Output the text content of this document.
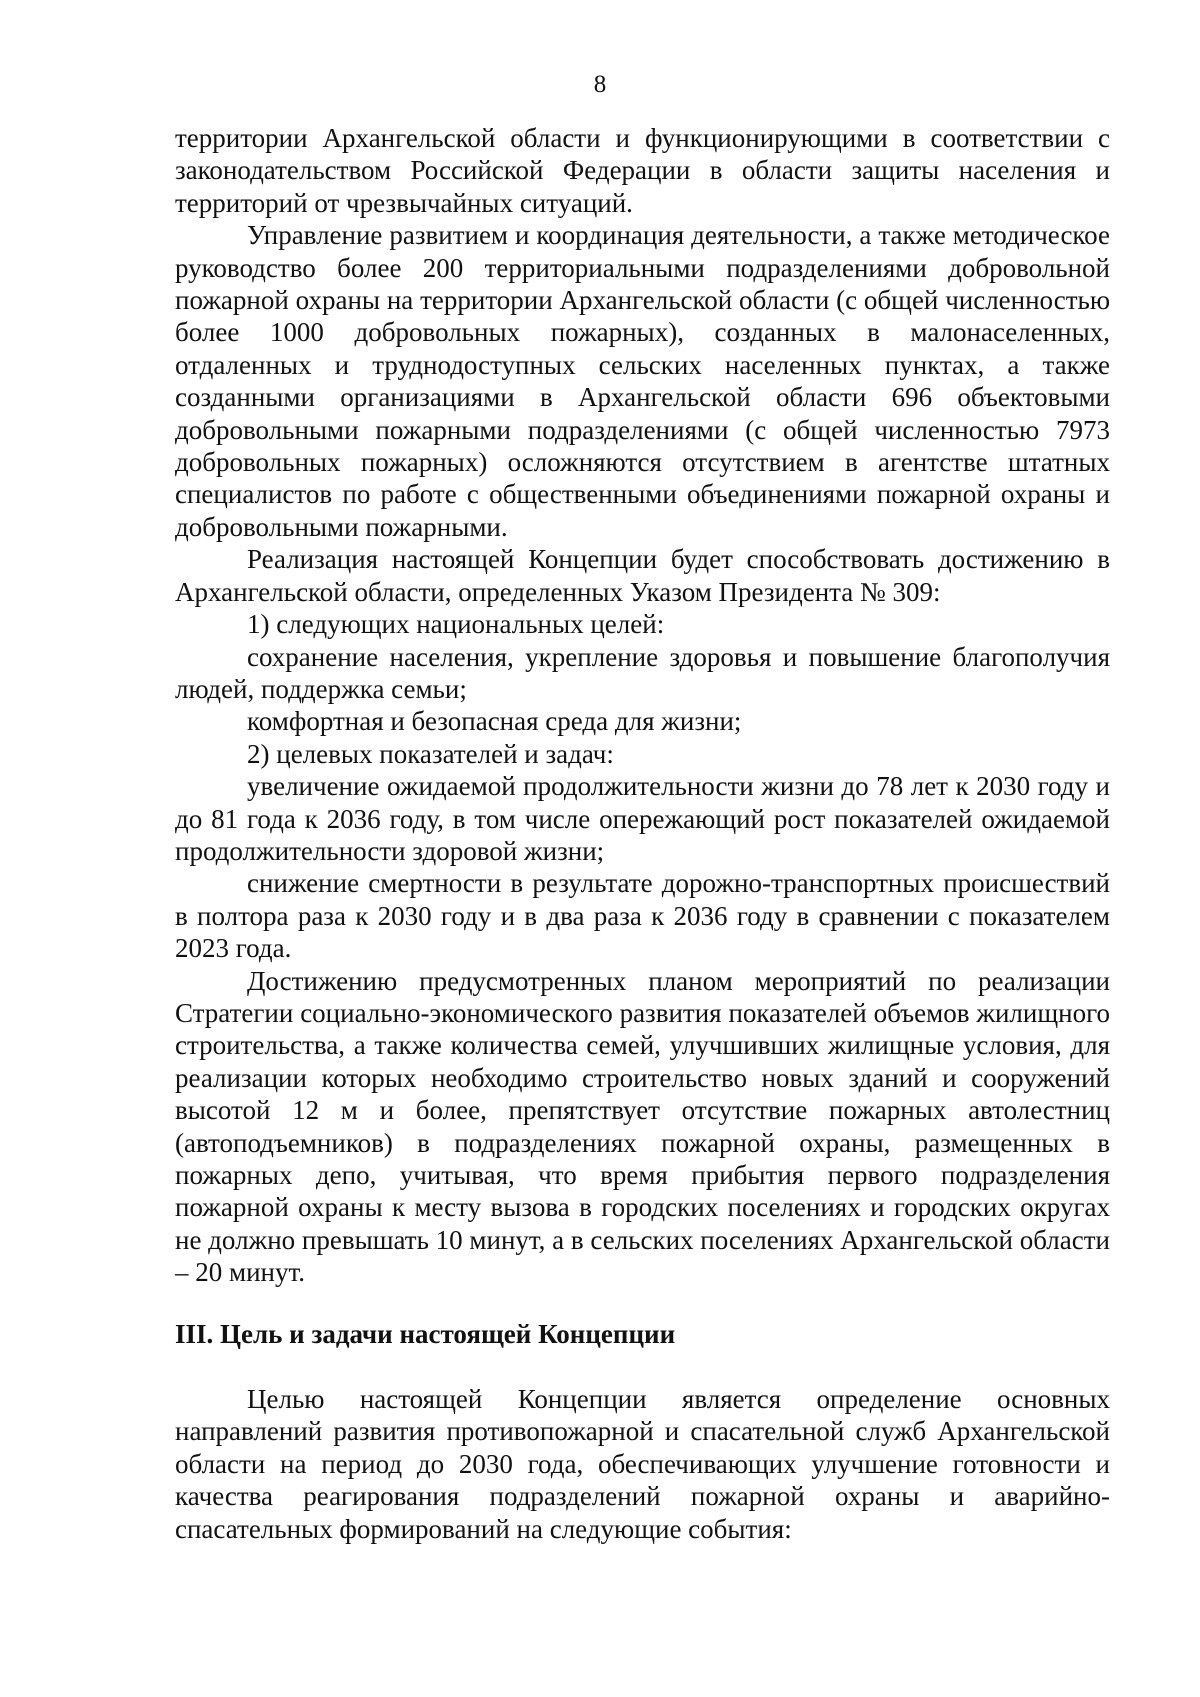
8

территории Архангельской области и функционирующими в соответствии с законодательством Российской Федерации в области защиты населения и территорий от чрезвычайных ситуаций.

Управление развитием и координация деятельности, а также методическое руководство более 200 территориальными подразделениями добровольной пожарной охраны на территории Архангельской области (с общей численностью более 1000 добровольных пожарных), созданных в малонаселенных, отдаленных и труднодоступных сельских населенных пунктах, а также созданными организациями в Архангельской области 696 объектовыми добровольными пожарными подразделениями (с общей численностью 7973 добровольных пожарных) осложняются отсутствием в агентстве штатных специалистов по работе с общественными объединениями пожарной охраны и добровольными пожарными.

Реализация настоящей Концепции будет способствовать достижению в Архангельской области, определенных Указом Президента № 309:

1) следующих национальных целей:

сохранение населения, укрепление здоровья и повышение благополучия людей, поддержка семьи;

комфортная и безопасная среда для жизни;

2) целевых показателей и задач:

увеличение ожидаемой продолжительности жизни до 78 лет к 2030 году и до 81 года к 2036 году, в том числе опережающий рост показателей ожидаемой продолжительности здоровой жизни;

снижение смертности в результате дорожно-транспортных происшествий в полтора раза к 2030 году и в два раза к 2036 году в сравнении с показателем 2023 года.

Достижению предусмотренных планом мероприятий по реализации Стратегии социально-экономического развития показателей объемов жилищного строительства, а также количества семей, улучшивших жилищные условия, для реализации которых необходимо строительство новых зданий и сооружений высотой 12 м и более, препятствует отсутствие пожарных автолестниц (автоподъемников) в подразделениях пожарной охраны, размещенных в пожарных депо, учитывая, что время прибытия первого подразделения пожарной охраны к месту вызова в городских поселениях и городских округах не должно превышать 10 минут, а в сельских поселениях Архангельской области – 20 минут.

III. Цель и задачи настоящей Концепции

Целью настоящей Концепции является определение основных направлений развития противопожарной и спасательной служб Архангельской области на период до 2030 года, обеспечивающих улучшение готовности и качества реагирования подразделений пожарной охраны и аварийно-спасательных формирований на следующие события:
